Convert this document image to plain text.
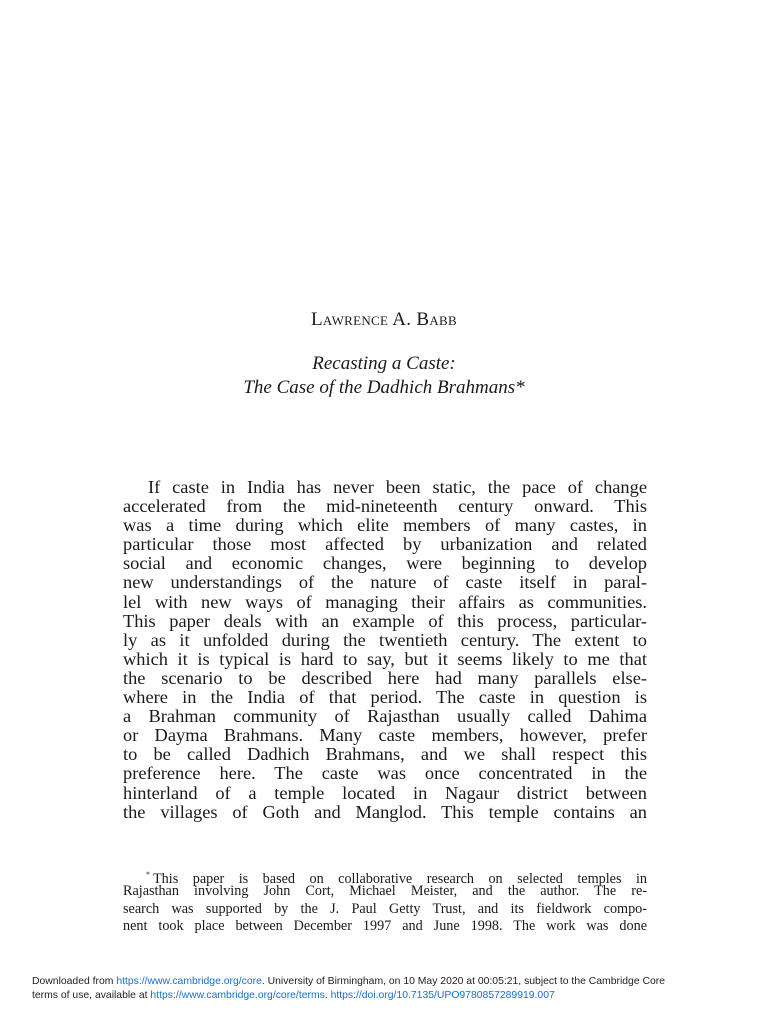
Lawrence A. Babb
Recasting a Caste:
The Case of the Dadhich Brahmans*
If caste in India has never been static, the pace of change
accelerated from the mid-nineteenth century onward. This
was a time during which elite members of many castes, in
particular those most affected by urbanization and related
social and economic changes, were beginning to develop
new understandings of the nature of caste itself in paral-
lel with new ways of managing their affairs as communities.
This paper deals with an example of this process, particular-
ly as it unfolded during the twentieth century. The extent to
which it is typical is hard to say, but it seems likely to me that
the scenario to be described here had many parallels else-
where in the India of that period. The caste in question is
a Brahman community of Rajasthan usually called Dahima
or Dayma Brahmans. Many caste members, however, prefer
to be called Dadhich Brahmans, and we shall respect this
preference here. The caste was once concentrated in the
hinterland of a temple located in Nagaur district between
the villages of Goth and Manglod. This temple contains an
* This paper is based on collaborative research on selected temples in
Rajasthan involving John Cort, Michael Meister, and the author. The re-
search was supported by the J. Paul Getty Trust, and its fieldwork compo-
nent took place between December 1997 and June 1998. The work was done
Downloaded from https://www.cambridge.org/core. University of Birmingham, on 10 May 2020 at 00:05:21, subject to the Cambridge Core
terms of use, available at https://www.cambridge.org/core/terms. https://doi.org/10.7135/UPO9780857289919.007
